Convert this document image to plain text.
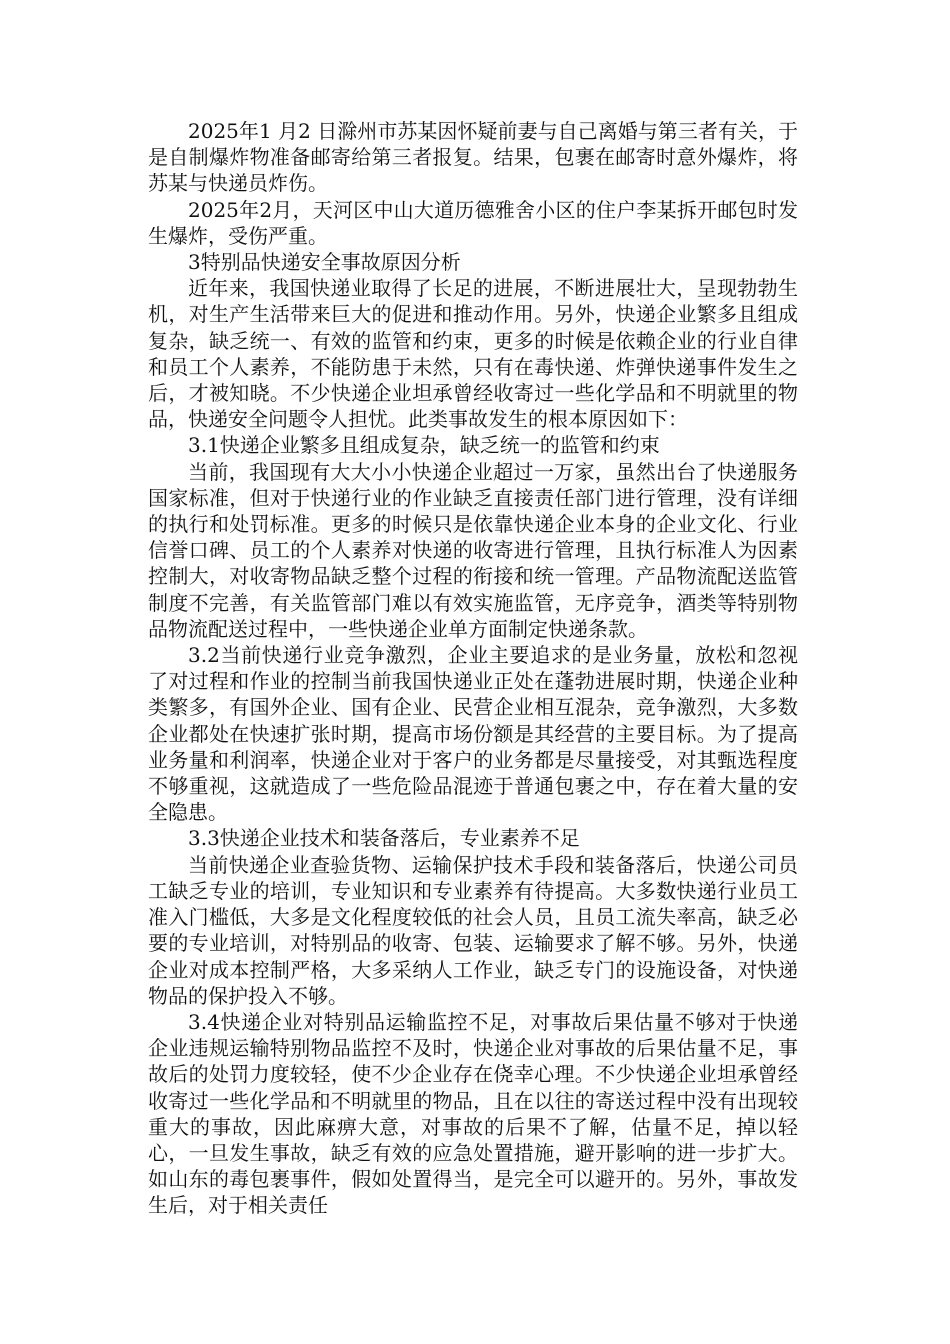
2025年1 月2 日滁州市苏某因怀疑前妻与自己离婚与第三者有关，于是自制爆炸物准备邮寄给第三者报复。结果，包裹在邮寄时意外爆炸，将苏某与快递员炸伤。

2025年2月，天河区中山大道历德雅舍小区的住户李某拆开邮包时发生爆炸，受伤严重。

3特别品快递安全事故原因分析

近年来，我国快递业取得了长足的进展，不断进展壮大，呈现勃勃生机，对生产生活带来巨大的促进和推动作用。另外，快递企业繁多且组成复杂，缺乏统一、有效的监管和约束，更多的时候是依赖企业的行业自律和员工个人素养，不能防患于未然，只有在毒快递、炸弹快递事件发生之后，才被知晓。不少快递企业坦承曾经收寄过一些化学品和不明就里的物品，快递安全问题令人担忧。此类事故发生的根本原因如下：

3.1快递企业繁多且组成复杂，缺乏统一的监管和约束

当前，我国现有大大小小快递企业超过一万家，虽然出台了快递服务国家标准，但对于快递行业的作业缺乏直接责任部门进行管理，没有详细的执行和处罚标准。更多的时候只是依靠快递企业本身的企业文化、行业信誉口碑、员工的个人素养对快递的收寄进行管理，且执行标准人为因素控制大，对收寄物品缺乏整个过程的衔接和统一管理。产品物流配送监管制度不完善，有关监管部门难以有效实施监管，无序竞争，酒类等特别物品物流配送过程中，一些快递企业单方面制定快递条款。

3.2当前快递行业竞争激烈，企业主要追求的是业务量，放松和忽视了对过程和作业的控制当前我国快递业正处在蓬勃进展时期，快递企业种类繁多，有国外企业、国有企业、民营企业相互混杂，竞争激烈，大多数企业都处在快速扩张时期，提高市场份额是其经营的主要目标。为了提高业务量和利润率，快递企业对于客户的业务都是尽量接受，对其甄选程度不够重视，这就造成了一些危险品混迹于普通包裹之中，存在着大量的安全隐患。

3.3快递企业技术和装备落后，专业素养不足

当前快递企业查验货物、运输保护技术手段和装备落后，快递公司员工缺乏专业的培训，专业知识和专业素养有待提高。大多数快递行业员工准入门槛低，大多是文化程度较低的社会人员，且员工流失率高，缺乏必要的专业培训，对特别品的收寄、包装、运输要求了解不够。另外，快递企业对成本控制严格，大多采纳人工作业，缺乏专门的设施设备，对快递物品的保护投入不够。

3.4快递企业对特别品运输监控不足，对事故后果估量不够对于快递企业违规运输特别物品监控不及时，快递企业对事故的后果估量不足，事故后的处罚力度较轻，使不少企业存在侥幸心理。不少快递企业坦承曾经收寄过一些化学品和不明就里的物品，且在以往的寄送过程中没有出现较重大的事故，因此麻痹大意，对事故的后果不了解，估量不足，掉以轻心，一旦发生事故，缺乏有效的应急处置措施，避开影响的进一步扩大。如山东的毒包裹事件，假如处置得当，是完全可以避开的。另外，事故发生后，对于相关责任
